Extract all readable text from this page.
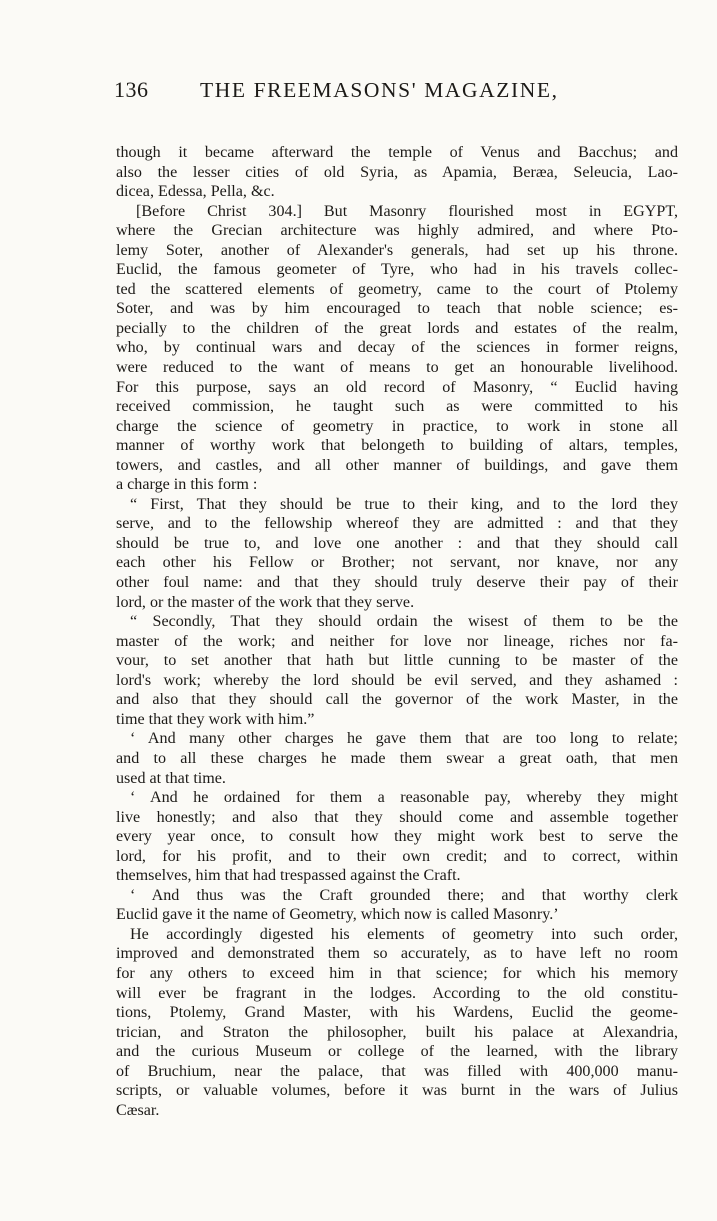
136 THE FREEMASONS' MAGAZINE,
though it became afterward the temple of Venus and Bacchus; and
also the lesser cities of old Syria, as Apamia, Beræa, Seleucia, Lao-
dicea, Edessa, Pella, &c.
[Before Christ 304.] But Masonry flourished most in EGYPT,
where the Grecian architecture was highly admired, and where Pto-
lemy Soter, another of Alexander's generals, had set up his throne.
Euclid, the famous geometer of Tyre, who had in his travels collec-
ted the scattered elements of geometry, came to the court of Ptolemy
Soter, and was by him encouraged to teach that noble science; es-
pecially to the children of the great lords and estates of the realm,
who, by continual wars and decay of the sciences in former reigns,
were reduced to the want of means to get an honourable livelihood.
For this purpose, says an old record of Masonry, “ Euclid having
received commission, he taught such as were committed to his
charge the science of geometry in practice, to work in stone all
manner of worthy work that belongeth to building of altars, temples,
towers, and castles, and all other manner of buildings, and gave them
a charge in this form :
“ First, That they should be true to their king, and to the lord they
serve, and to the fellowship whereof they are admitted : and that they
should be true to, and love one another : and that they should call
each other his Fellow or Brother; not servant, nor knave, nor any
other foul name: and that they should truly deserve their pay of their
lord, or the master of the work that they serve.
“ Secondly, That they should ordain the wisest of them to be the
master of the work; and neither for love nor lineage, riches nor fa-
vour, to set another that hath but little cunning to be master of the
lord's work; whereby the lord should be evil served, and they ashamed :
and also that they should call the governor of the work Master, in the
time that they work with him.”
‘ And many other charges he gave them that are too long to relate;
and to all these charges he made them swear a great oath, that men
used at that time.
‘ And he ordained for them a reasonable pay, whereby they might
live honestly; and also that they should come and assemble together
every year once, to consult how they might work best to serve the
lord, for his profit, and to their own credit; and to correct, within
themselves, him that had trespassed against the Craft.
‘ And thus was the Craft grounded there; and that worthy clerk
Euclid gave it the name of Geometry, which now is called Masonry.’
He accordingly digested his elements of geometry into such order,
improved and demonstrated them so accurately, as to have left no room
for any others to exceed him in that science; for which his memory
will ever be fragrant in the lodges. According to the old constitu-
tions, Ptolemy, Grand Master, with his Wardens, Euclid the geome-
trician, and Straton the philosopher, built his palace at Alexandria,
and the curious Museum or college of the learned, with the library
of Bruchium, near the palace, that was filled with 400,000 manu-
scripts, or valuable volumes, before it was burnt in the wars of Julius
Cæsar.
